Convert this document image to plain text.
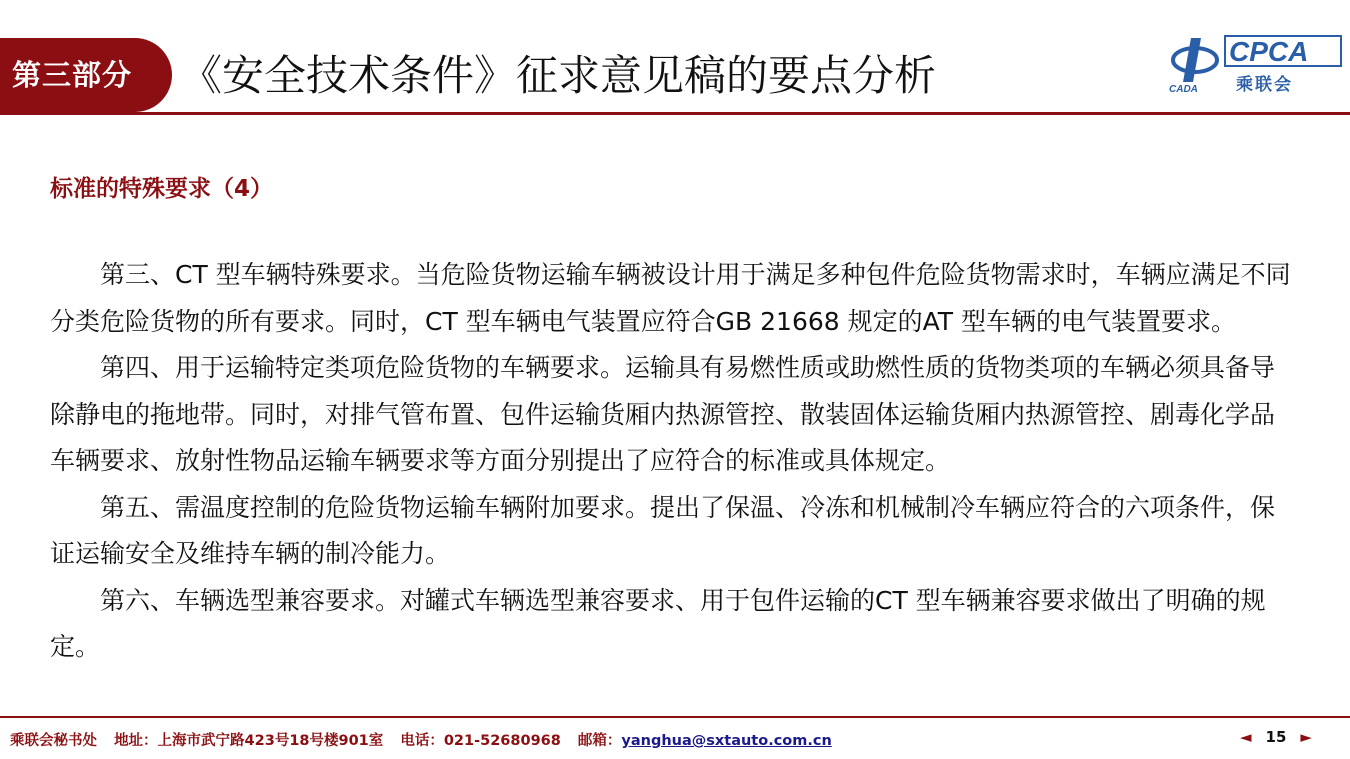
第三部分	《安全技术条件》征求意见稿的要点分析	CADA
CPCA
乘联会
标准的特殊要求（4）

第三、CT 型车辆特殊要求。当危险货物运输车辆被设计用于满足多种包件危险货物需求时，车辆应满足不同分类危险货物的所有要求。同时，CT 型车辆电气装置应符合GB 21668 规定的AT 型车辆的电气装置要求。

第四、用于运输特定类项危险货物的车辆要求。运输具有易燃性质或助燃性质的货物类项的车辆必须具备导除静电的拖地带。同时，对排气管布置、包件运输货厢内热源管控、散装固体运输货厢内热源管控、剧毒化学品车辆要求、放射性物品运输车辆要求等方面分别提出了应符合的标准或具体规定。

第五、需温度控制的危险货物运输车辆附加要求。提出了保温、冷冻和机械制冷车辆应符合的六项条件，保证运输安全及维持车辆的制冷能力。

第六、车辆选型兼容要求。对罐式车辆选型兼容要求、用于包件运输的CT 型车辆兼容要求做出了明确的规定。

乘联会秘书处 地址：上海市武宁路423号18号楼901室 电话：021-52680968 邮箱：yanghua@sxtauto.com.cn	◄ 15 ►
